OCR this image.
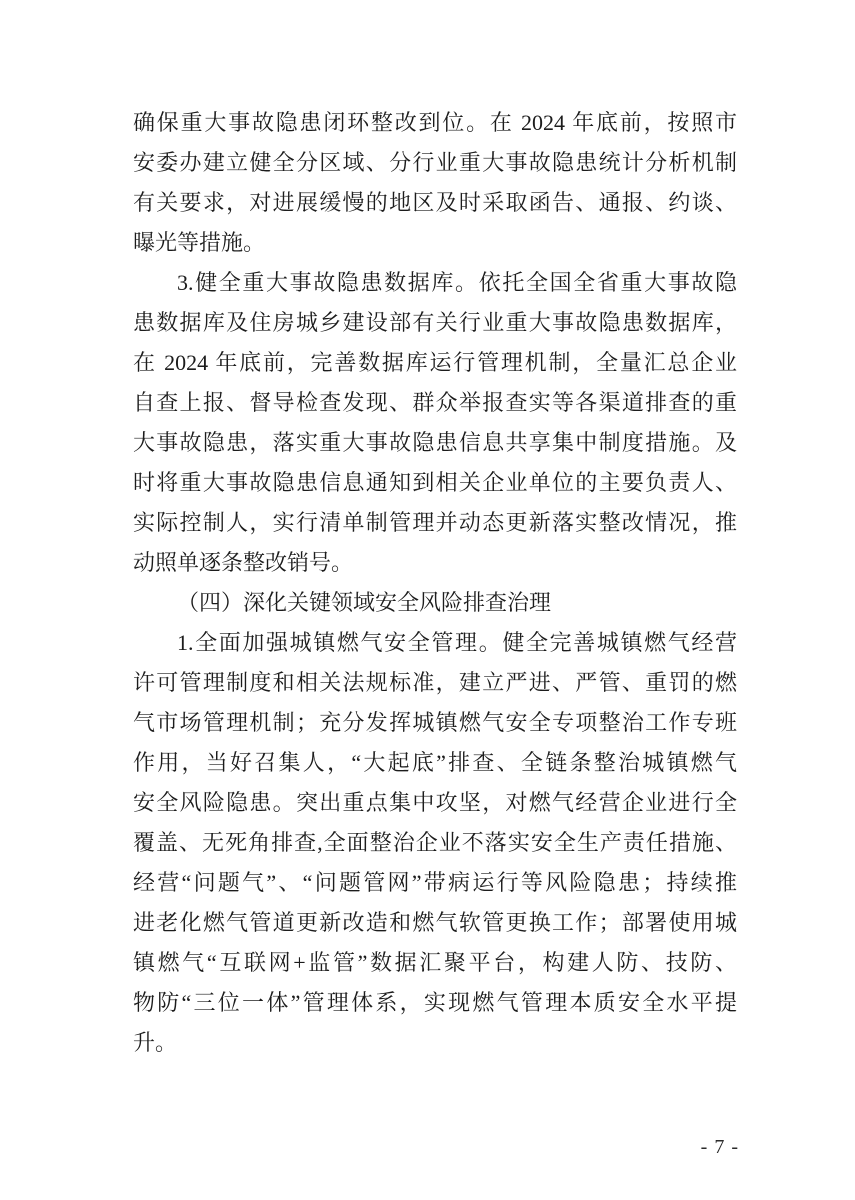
确保重大事故隐患闭环整改到位。在 2024 年底前，按照市
安委办建立健全分区域、分行业重大事故隐患统计分析机制
有关要求，对进展缓慢的地区及时采取函告、通报、约谈、
曝光等措施。
3.健全重大事故隐患数据库。依托全国全省重大事故隐
患数据库及住房城乡建设部有关行业重大事故隐患数据库，
在 2024 年底前，完善数据库运行管理机制，全量汇总企业
自查上报、督导检查发现、群众举报查实等各渠道排查的重
大事故隐患，落实重大事故隐患信息共享集中制度措施。及
时将重大事故隐患信息通知到相关企业单位的主要负责人、
实际控制人，实行清单制管理并动态更新落实整改情况，推
动照单逐条整改销号。
（四）深化关键领域安全风险排查治理
1.全面加强城镇燃气安全管理。健全完善城镇燃气经营
许可管理制度和相关法规标准，建立严进、严管、重罚的燃
气市场管理机制；充分发挥城镇燃气安全专项整治工作专班
作用，当好召集人，“大起底”排查、全链条整治城镇燃气
安全风险隐患。突出重点集中攻坚，对燃气经营企业进行全
覆盖、无死角排查,全面整治企业不落实安全生产责任措施、
经营“问题气”、“问题管网”带病运行等风险隐患；持续推
进老化燃气管道更新改造和燃气软管更换工作；部署使用城
镇燃气“互联网+监管”数据汇聚平台，构建人防、技防、
物防“三位一体”管理体系，实现燃气管理本质安全水平提
升。
- 7 -
